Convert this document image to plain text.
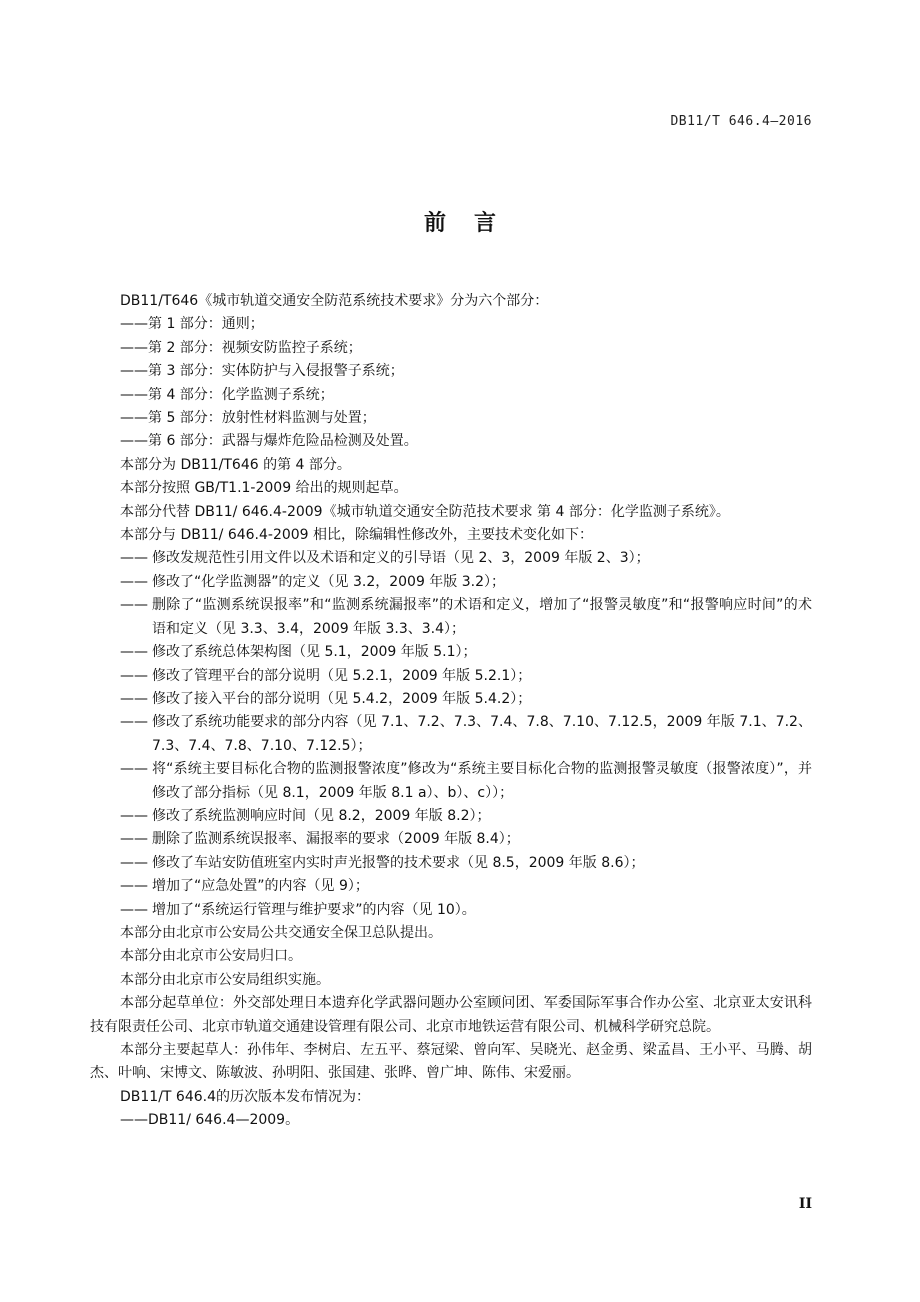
DB11/T 646.4—2016
前言

DB11/T646《城市轨道交通安全防范系统技术要求》分为六个部分：

——第 1 部分：通则；

——第 2 部分：视频安防监控子系统；

——第 3 部分：实体防护与入侵报警子系统；

——第 4 部分：化学监测子系统；

——第 5 部分：放射性材料监测与处置；

——第 6 部分：武器与爆炸危险品检测及处置。

本部分为 DB11/T646 的第 4 部分。

本部分按照 GB/T1.1-2009 给出的规则起草。

本部分代替 DB11/ 646.4-2009《城市轨道交通安全防范技术要求 第 4 部分：化学监测子系统》。

本部分与 DB11/ 646.4-2009 相比，除编辑性修改外，主要技术变化如下：

—— 修改发规范性引用文件以及术语和定义的引导语（见 2、3，2009 年版 2、3）；
—— 修改了“化学监测器”的定义（见 3.2，2009 年版 3.2）；
—— 删除了“监测系统误报率”和“监测系统漏报率”的术语和定义，增加了“报警灵敏度”和“报警响应时间”的术语和定义（见 3.3、3.4，2009 年版 3.3、3.4）；
—— 修改了系统总体架构图（见 5.1，2009 年版 5.1）；
—— 修改了管理平台的部分说明（见 5.2.1，2009 年版 5.2.1）；
—— 修改了接入平台的部分说明（见 5.4.2，2009 年版 5.4.2）；
—— 修改了系统功能要求的部分内容（见 7.1、7.2、7.3、7.4、7.8、7.10、7.12.5，2009 年版 7.1、7.2、7.3、7.4、7.8、7.10、7.12.5）；
—— 将“系统主要目标化合物的监测报警浓度”修改为“系统主要目标化合物的监测报警灵敏度（报警浓度）”，并修改了部分指标（见 8.1，2009 年版 8.1 a）、b）、c））；
—— 修改了系统监测响应时间（见 8.2，2009 年版 8.2）；
—— 删除了监测系统误报率、漏报率的要求（2009 年版 8.4）；
—— 修改了车站安防值班室内实时声光报警的技术要求（见 8.5，2009 年版 8.6）；
—— 增加了“应急处置”的内容（见 9）；
—— 增加了“系统运行管理与维护要求”的内容（见 10）。

本部分由北京市公安局公共交通安全保卫总队提出。

本部分由北京市公安局归口。

本部分由北京市公安局组织实施。

本部分起草单位：外交部处理日本遗弃化学武器问题办公室顾问团、军委国际军事合作办公室、北京亚太安讯科技有限责任公司、北京市轨道交通建设管理有限公司、北京市地铁运营有限公司、机械科学研究总院。

本部分主要起草人：孙伟年、李树启、左五平、蔡冠梁、曾向军、吴晓光、赵金勇、梁孟昌、王小平、马腾、胡杰、叶响、宋博文、陈敏波、孙明阳、张国建、张晔、曾广坤、陈伟、宋爱丽。

DB11/T 646.4的历次版本发布情况为：

——DB11/ 646.4—2009。

II
